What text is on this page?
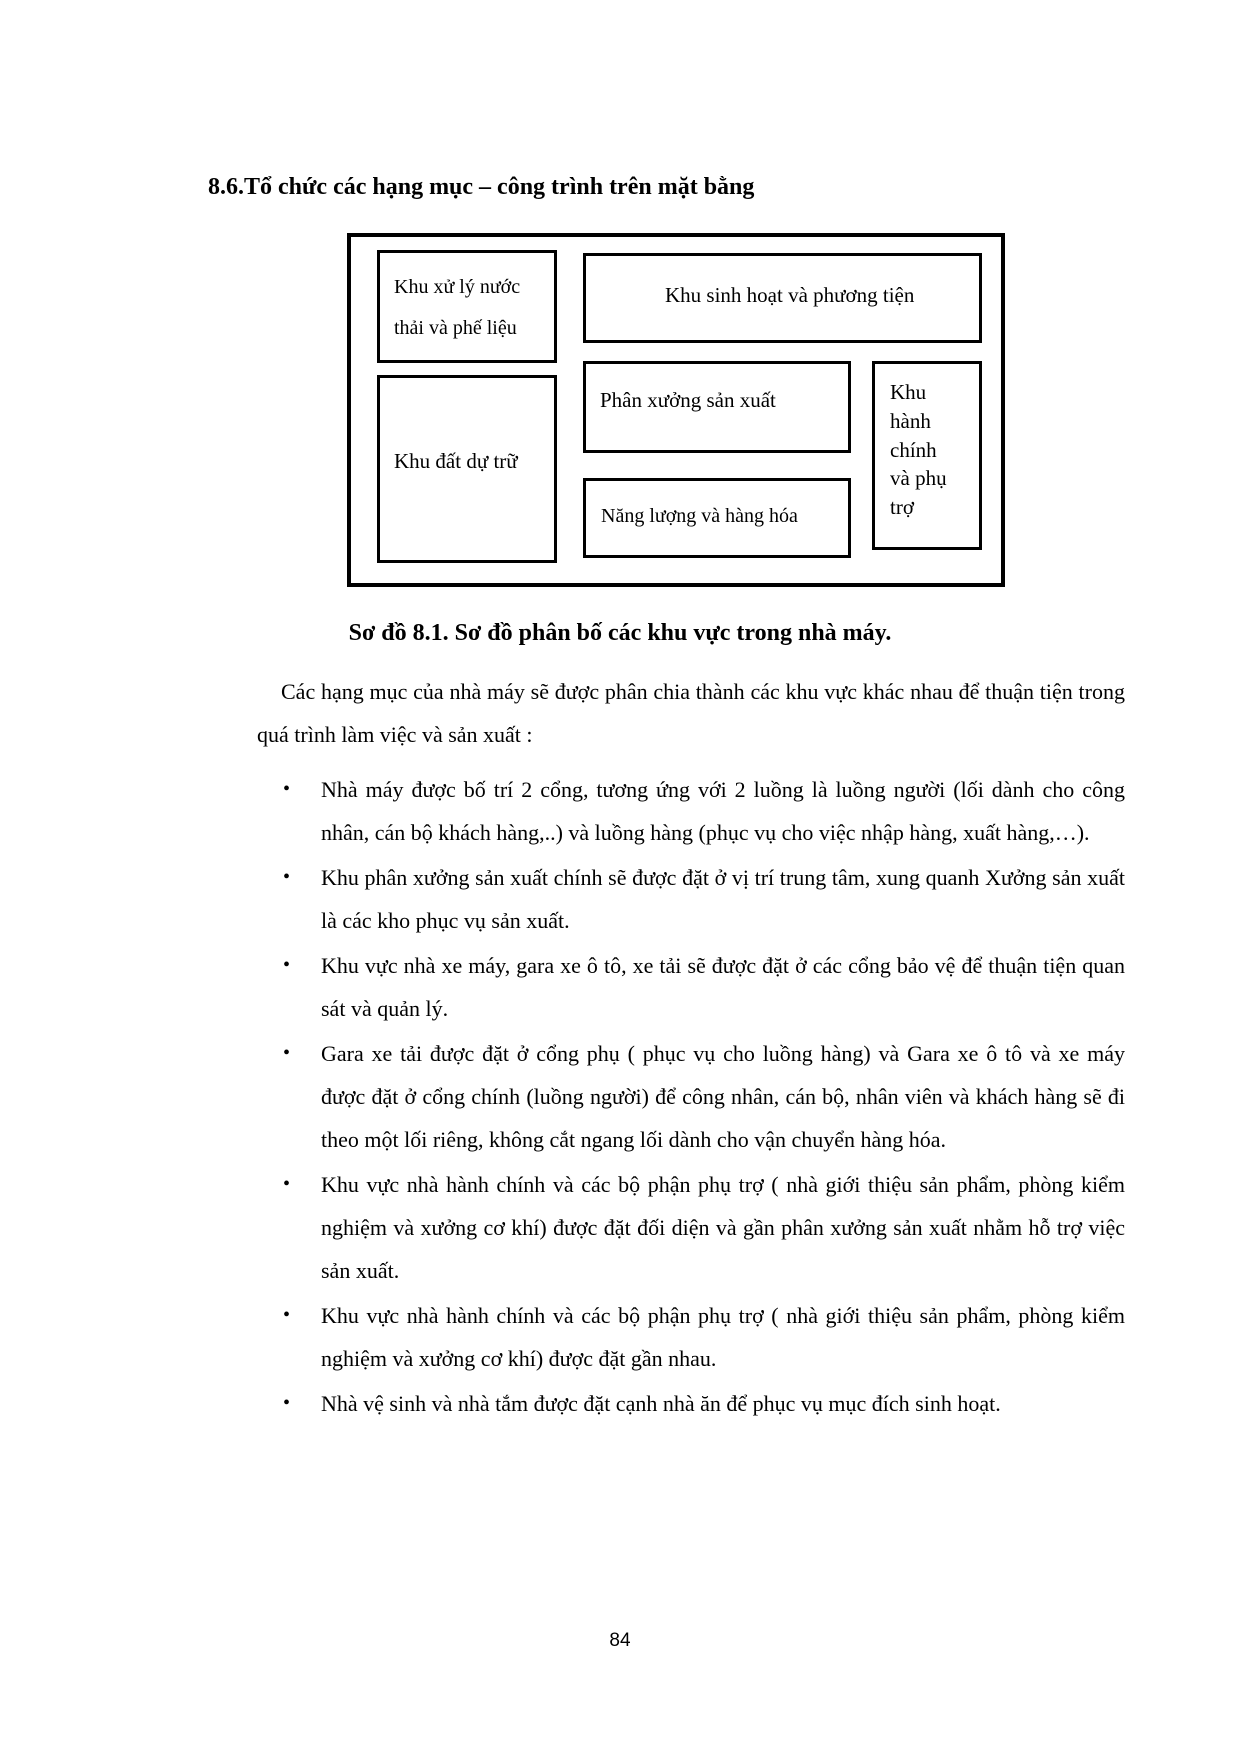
8.6.Tổ chức các hạng mục – công trình trên mặt bằng
Khu xử lý nước
thải và phế liệu
Khu sinh hoạt và phương tiện
Khu đất dự trữ
Phân xưởng sản xuất
Năng lượng và hàng hóa
Khu
hành
chính
và phụ
trợ

Sơ đồ 8.1. Sơ đồ phân bố các khu vực trong nhà máy.

Các hạng mục của nhà máy sẽ được phân chia thành các khu vực khác nhau để thuận tiện trong quá trình làm việc và sản xuất :

• Nhà máy được bố trí 2 cổng, tương ứng với 2 luồng là luồng người (lối dành cho công nhân, cán bộ khách hàng,..) và luồng hàng (phục vụ cho việc nhập hàng, xuất hàng,…).
• Khu phân xưởng sản xuất chính sẽ được đặt ở vị trí trung tâm, xung quanh Xưởng sản xuất là các kho phục vụ sản xuất.
• Khu vực nhà xe máy, gara xe ô tô, xe tải sẽ được đặt ở các cổng bảo vệ để thuận tiện quan sát và quản lý.
• Gara xe tải được đặt ở cổng phụ ( phục vụ cho luồng hàng) và Gara xe ô tô và xe máy được đặt ở cổng chính (luồng người) để công nhân, cán bộ, nhân viên và khách hàng sẽ đi theo một lối riêng, không cắt ngang lối dành cho vận chuyển hàng hóa.
• Khu vực nhà hành chính và các bộ phận phụ trợ ( nhà giới thiệu sản phẩm, phòng kiểm nghiệm và xưởng cơ khí) được đặt đối diện và gần phân xưởng sản xuất nhằm hỗ trợ việc sản xuất.
• Khu vực nhà hành chính và các bộ phận phụ trợ ( nhà giới thiệu sản phẩm, phòng kiểm nghiệm và xưởng cơ khí) được đặt gần nhau.
• Nhà vệ sinh và nhà tắm được đặt cạnh nhà ăn để phục vụ mục đích sinh hoạt.
84
